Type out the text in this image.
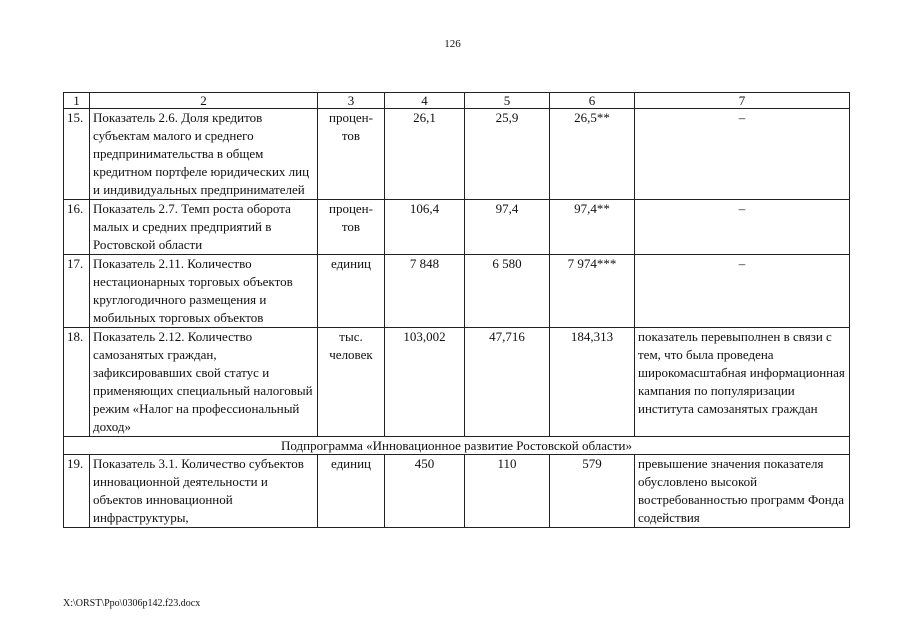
126
1	2	3	4	5	6	7
15.	Показатель 2.6. Доля кредитов субъектам малого и среднего предпринимательства в общем кредитном портфеле юридических лиц и индивидуальных предпринимателей	процен-тов	26,1	25,9	26,5**	–
16.	Показатель 2.7. Темп роста оборота малых и средних предприятий в Ростовской области	процен-тов	106,4	97,4	97,4**	–
17.	Показатель 2.11. Количество нестационарных торговых объектов круглогодичного размещения и мобильных торговых объектов	единиц	7 848	6 580	7 974***	–
18.	Показатель 2.12. Количество самозанятых граждан, зафиксировавших свой статус и применяющих специальный налоговый режим «Налог на профессиональный доход»	тыс. человек	103,002	47,716	184,313	показатель перевыполнен в связи с тем, что была проведена широкомасштабная информационная кампания по популяризации института самозанятых граждан
Подпрограмма «Инновационное развитие Ростовской области»						
19.	Показатель 3.1. Количество субъектов инновационной деятельности и объектов инновационной инфраструктуры,	единиц	450	110	579	превышение значения показателя обусловлено высокой востребованностью программ Фонда содействия
X:\ORST\Ppo\0306p142.f23.docx
